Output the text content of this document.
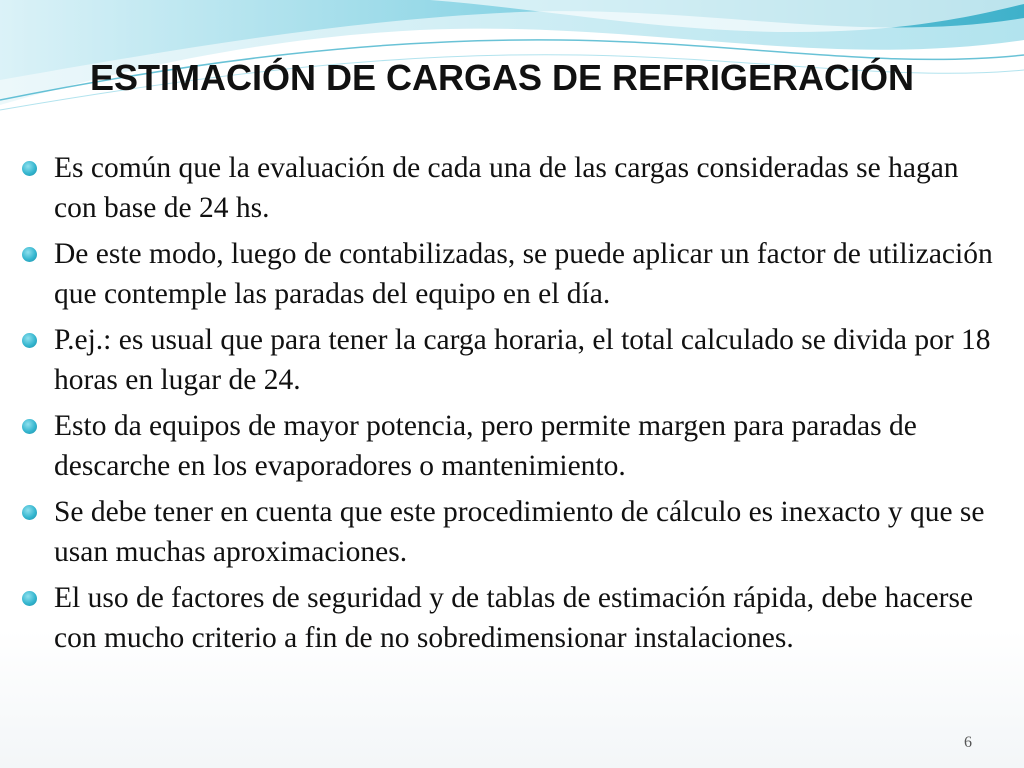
ESTIMACIÓN DE CARGAS DE REFRIGERACIÓN
Es común que la evaluación de cada una de las cargas consideradas se hagan con base de 24 hs.
De este modo, luego de contabilizadas, se puede aplicar un factor de utilización que contemple las paradas del equipo en el día.
P.ej.: es usual que para tener la carga horaria, el total calculado se divida por 18 horas en lugar de 24.
Esto da equipos de mayor potencia, pero permite margen para paradas de descarche en los evaporadores o mantenimiento.
Se debe tener en cuenta que este procedimiento de cálculo es inexacto y que se usan muchas aproximaciones.
El uso de factores de seguridad y de tablas de estimación rápida, debe hacerse con mucho criterio a fin de no sobredimensionar instalaciones.
6
